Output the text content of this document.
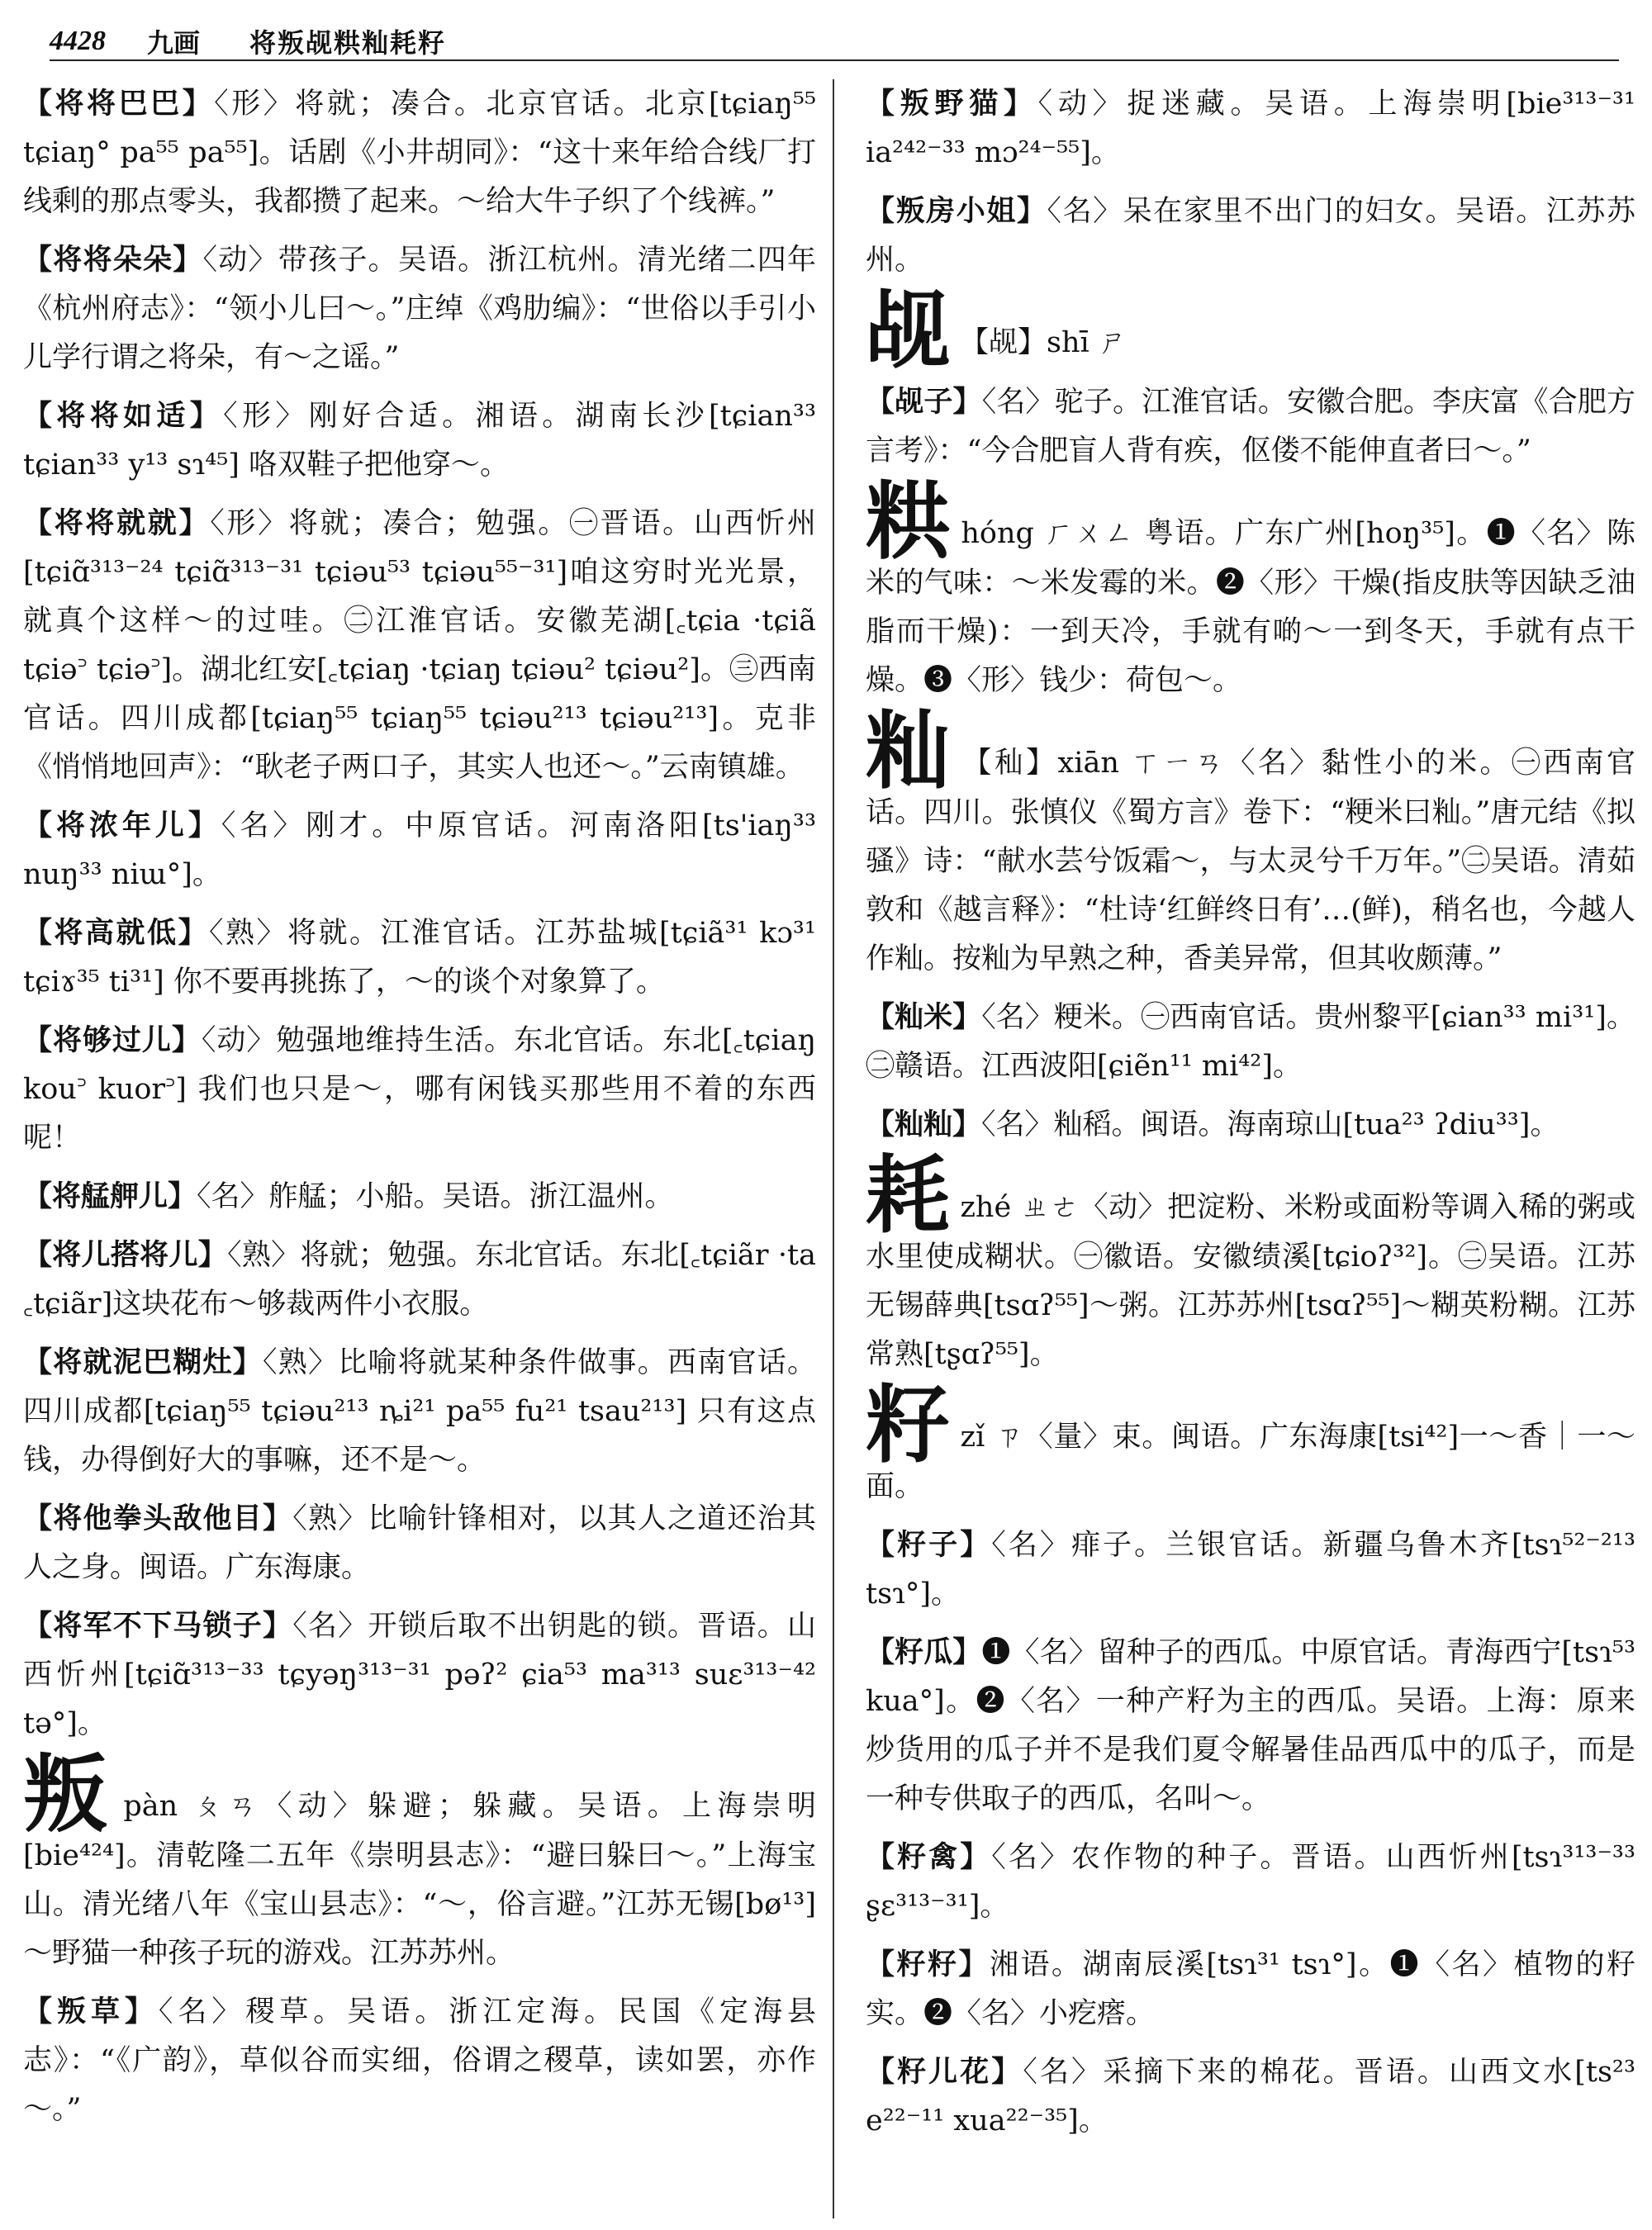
4428 九画 将叛觇粠籼耗籽
【将将巴巴】〈形〉将就；凑合。北京官话。北京[tɕiaŋ⁵⁵ tɕiaŋ° pa⁵⁵ pa⁵⁵]。话剧《小井胡同》：“这十来年给合线厂打线剩的那点零头，我都攒了起来。～给大牛子织了个线裤。”
【将将朵朵】〈动〉带孩子。吴语。浙江杭州。清光绪二四年《杭州府志》：“领小儿曰～。”庄绰《鸡肋编》：“世俗以手引小儿学行谓之将朵，有～之谣。”
【将将如适】〈形〉刚好合适。湘语。湖南长沙[tɕian³³ tɕian³³ y¹³ sɿ⁴⁵] 咯双鞋子把他穿～。
【将将就就】〈形〉将就；凑合；勉强。㊀晋语。山西忻州[tɕiɑ̃³¹³⁻²⁴ tɕiɑ̃³¹³⁻³¹ tɕiəu⁵³ tɕiəu⁵⁵⁻³¹]咱这穷时光光景，就真个这样～的过哇。㊁江淮官话。安徽芜湖[꜀tɕia ·tɕiã tɕiə꜄ tɕiə꜄]。湖北红安[꜀tɕiaŋ ·tɕiaŋ tɕiəu² tɕiəu²]。㊂西南官话。四川成都[tɕiaŋ⁵⁵ tɕiaŋ⁵⁵ tɕiəu²¹³ tɕiəu²¹³]。克非《悄悄地回声》：“耿老子两口子，其实人也还～。”云南镇雄。
【将浓年儿】〈名〉刚才。中原官话。河南洛阳[ts'iaŋ³³ nuŋ³³ niɯ°]。
【将高就低】〈熟〉将就。江淮官话。江苏盐城[tɕiã³¹ kɔ³¹ tɕiɤ³⁵ ti³¹] 你不要再挑拣了，～的谈个对象算了。
【将够过儿】〈动〉勉强地维持生活。东北官话。东北[꜀tɕiaŋ kou꜄ kuor꜄] 我们也只是～，哪有闲钱买那些用不着的东西呢！
【将艋舺儿】〈名〉舴艋；小船。吴语。浙江温州。
【将儿搭将儿】〈熟〉将就；勉强。东北官话。东北[꜀tɕiãr ·ta ꜀tɕiãr]这块花布～够裁两件小衣服。
【将就泥巴糊灶】〈熟〉比喻将就某种条件做事。西南官话。四川成都[tɕiaŋ⁵⁵ tɕiəu²¹³ ȵi²¹ pa⁵⁵ fu²¹ tsau²¹³] 只有这点钱，办得倒好大的事嘛，还不是～。
【将他拳头敌他目】〈熟〉比喻针锋相对，以其人之道还治其人之身。闽语。广东海康。
【将军不下马锁子】〈名〉开锁后取不出钥匙的锁。晋语。山西忻州[tɕiɑ̃³¹³⁻³³ tɕyəŋ³¹³⁻³¹ pəʔ² ɕia⁵³ ma³¹³ suɛ³¹³⁻⁴² tə°]。
叛pàn ㄆㄢ〈动〉躲避；躲藏。吴语。上海崇明[bie⁴²⁴]。清乾隆二五年《崇明县志》：“避曰躲曰～。”上海宝山。清光绪八年《宝山县志》：“～，俗言避。”江苏无锡[bø¹³]～野猫一种孩子玩的游戏。江苏苏州。
【叛草】〈名〉稷草。吴语。浙江定海。民国《定海县志》：“《广韵》，草似谷而实细，俗谓之稷草，读如罢，亦作～。”
【叛野猫】〈动〉捉迷藏。吴语。上海崇明[bie³¹³⁻³¹ ia²⁴²⁻³³ mɔ²⁴⁻⁵⁵]。
【叛房小姐】〈名〉呆在家里不出门的妇女。吴语。江苏苏州。
觇 【觇】shī ㄕ
【觇子】〈名〉驼子。江淮官话。安徽合肥。李庆富《合肥方言考》：“今合肥盲人背有疾，伛偻不能伸直者曰～。”
粠hóng ㄏㄨㄥ 粤语。广东广州[hoŋ³⁵]。❶〈名〉陈米的气味：～米发霉的米。❷〈形〉干燥(指皮肤等因缺乏油脂而干燥)：一到天冷，手就有啲～一到冬天，手就有点干燥。❸〈形〉钱少：荷包～。
籼 【秈】xiān ㄒㄧㄢ〈名〉黏性小的米。㊀西南官话。四川。张慎仪《蜀方言》卷下：“粳米曰籼。”唐元结《拟骚》诗：“献水芸兮饭霜～，与太灵兮千万年。”㊁吴语。清茹敦和《越言释》：“杜诗‘红鲜终日有’…(鲜)，稍名也，今越人作籼。按籼为早熟之种，香美异常，但其收颇薄。”
【籼米】〈名〉粳米。㊀西南官话。贵州黎平[ɕian³³ mi³¹]。㊁赣语。江西波阳[ɕiẽn¹¹ mi⁴²]。
【籼籼】〈名〉籼稻。闽语。海南琼山[tua²³ ʔdiu³³]。
耗zhé ㄓㄜ〈动〉把淀粉、米粉或面粉等调入稀的粥或水里使成糊状。㊀徽语。安徽绩溪[tɕioʔ³²]。㊁吴语。江苏无锡薛典[tsɑʔ⁵⁵]～粥。江苏苏州[tsɑʔ⁵⁵]～糊英粉糊。江苏常熟[tʂɑʔ⁵⁵]。
籽zǐ ㄗ〈量〉束。闽语。广东海康[tsi⁴²]一～香｜一～面。
【籽子】〈名〉痱子。兰银官话。新疆乌鲁木齐[tsɿ⁵²⁻²¹³ tsɿ°]。
【籽瓜】❶〈名〉留种子的西瓜。中原官话。青海西宁[tsɿ⁵³ kua°]。❷〈名〉一种产籽为主的西瓜。吴语。上海：原来炒货用的瓜子并不是我们夏令解暑佳品西瓜中的瓜子，而是一种专供取子的西瓜，名叫～。
【籽禽】〈名〉农作物的种子。晋语。山西忻州[tsɿ³¹³⁻³³ ʂɛ³¹³⁻³¹]。
【籽籽】湘语。湖南辰溪[tsɿ³¹ tsɿ°]。❶〈名〉植物的籽实。❷〈名〉小疙瘩。
【籽儿花】〈名〉采摘下来的棉花。晋语。山西文水[ts²³ e²²⁻¹¹ xua²²⁻³⁵]。
